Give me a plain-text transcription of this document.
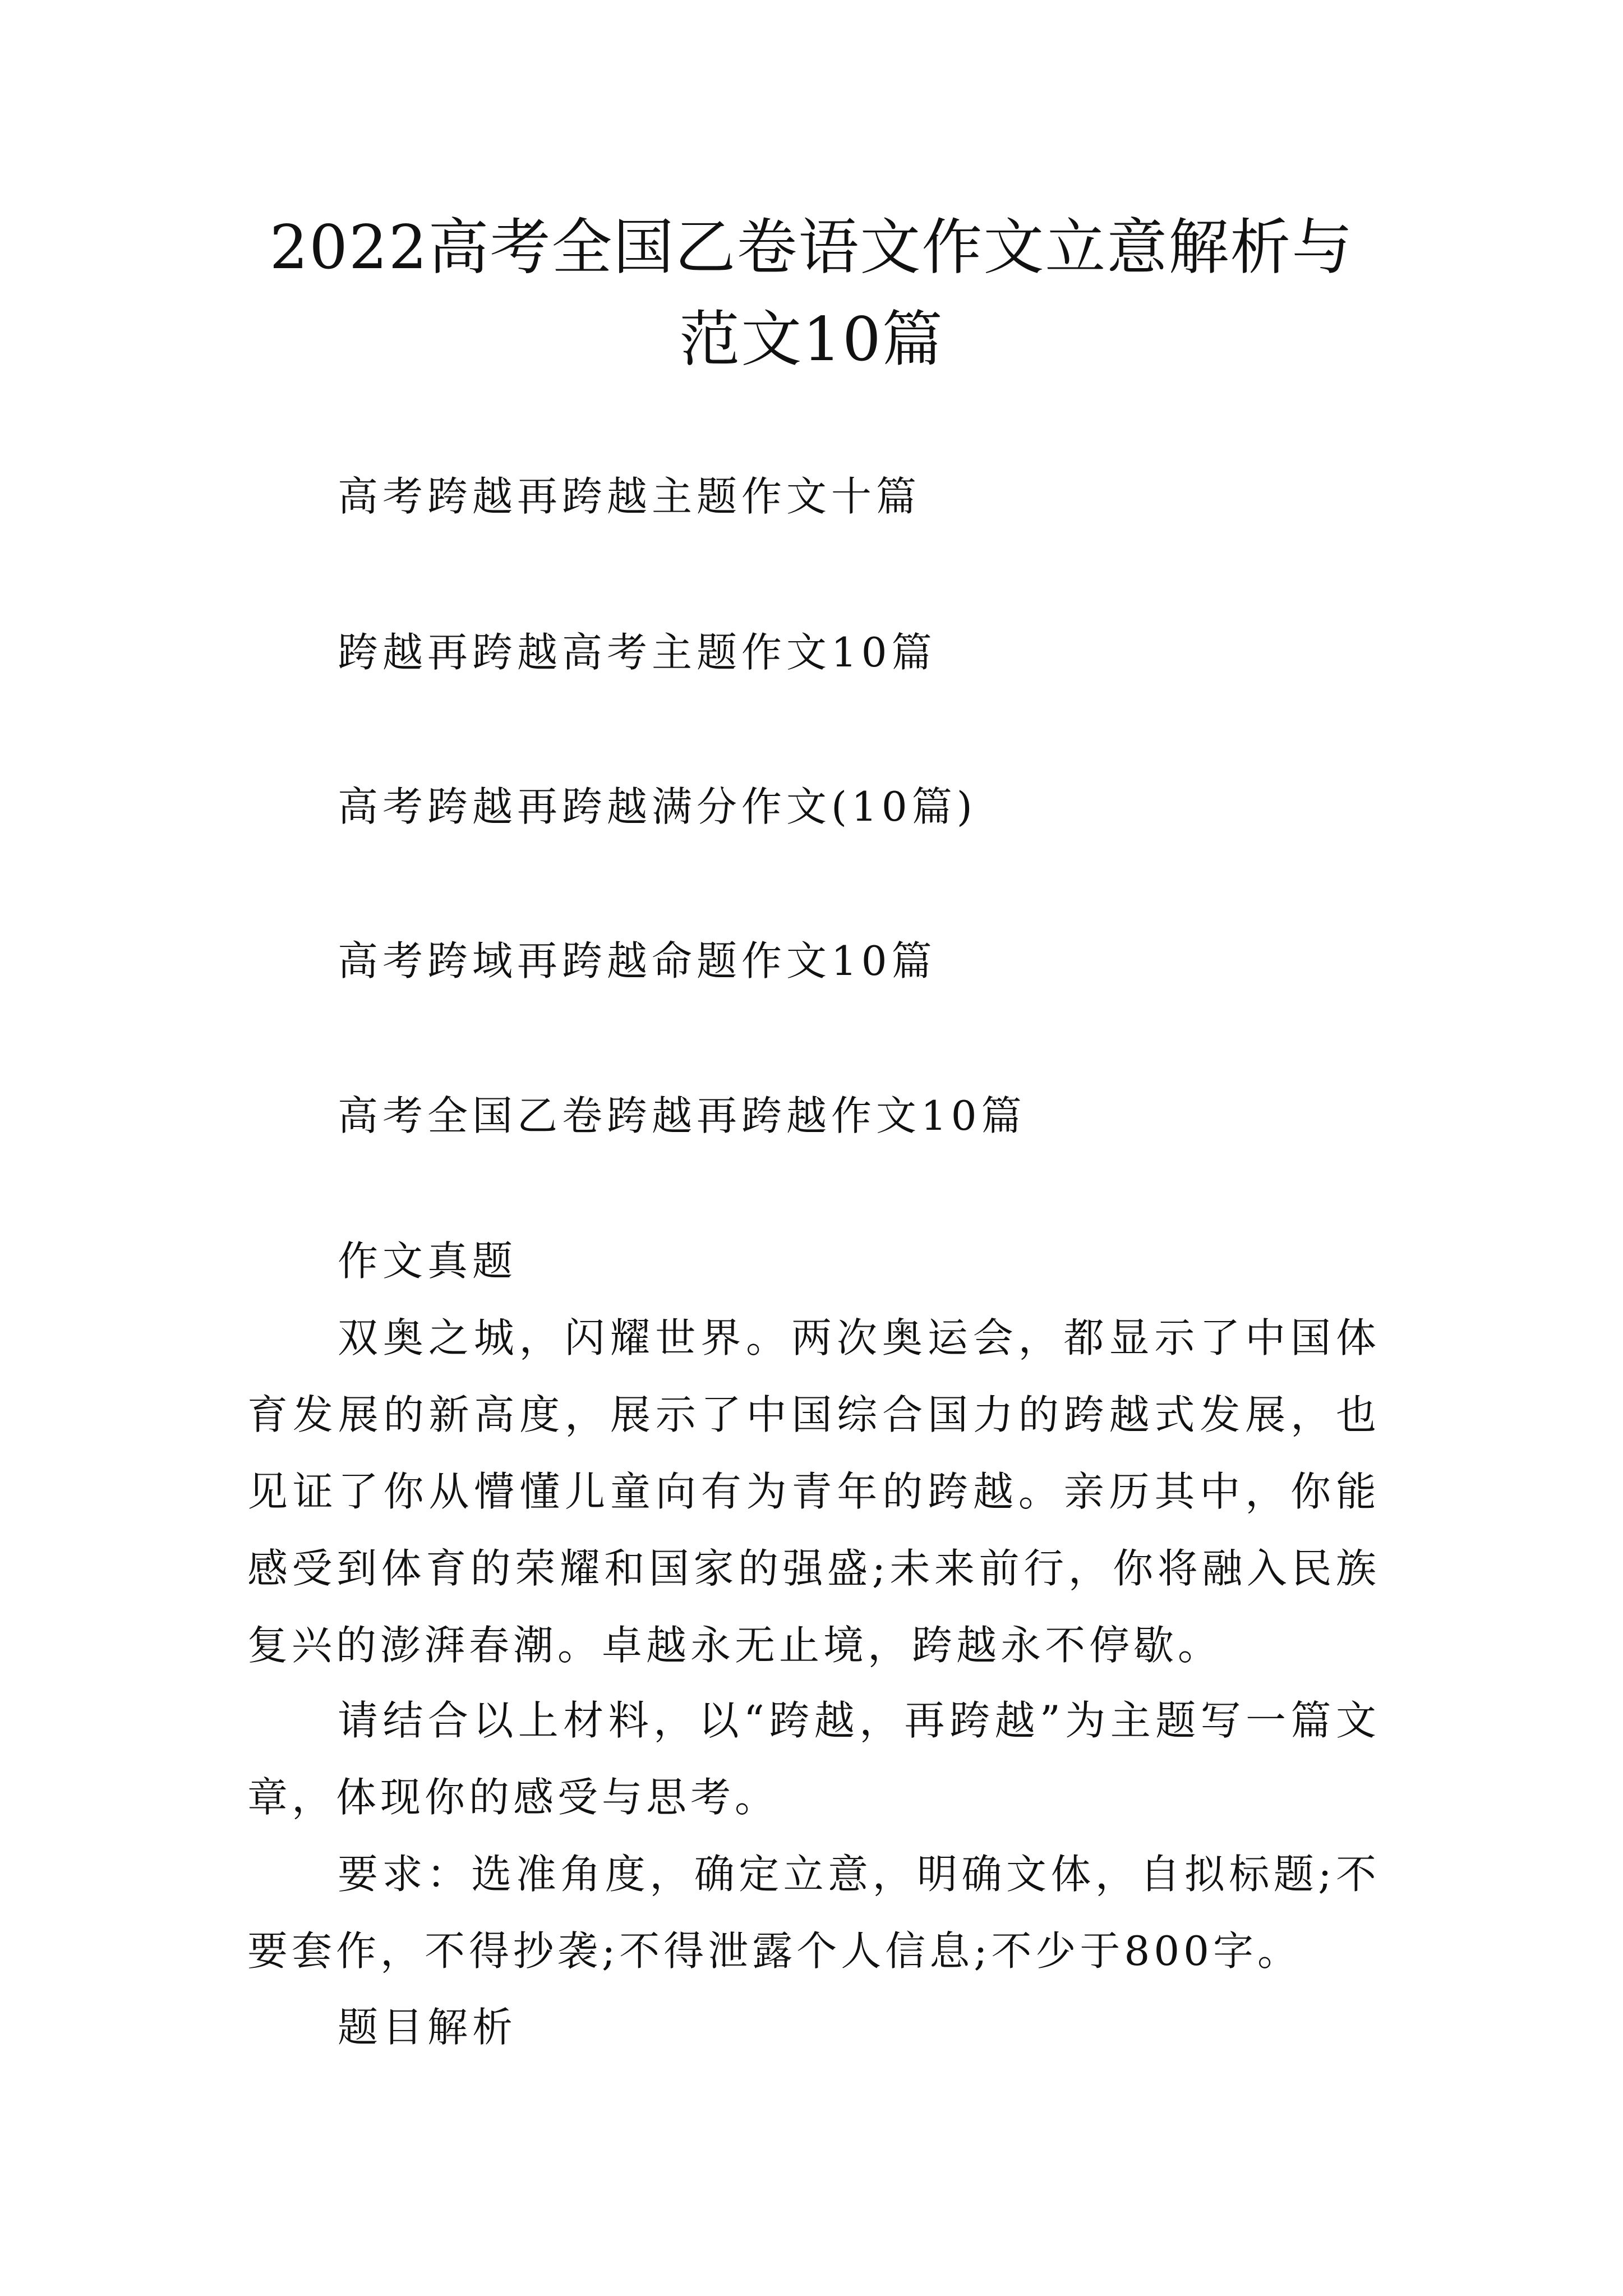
2022高考全国乙卷语文作文立意解析与范文10篇

高考跨越再跨越主题作文十篇

跨越再跨越高考主题作文10篇

高考跨越再跨越满分作文(10篇)

高考跨域再跨越命题作文10篇

高考全国乙卷跨越再跨越作文10篇

作文真题

双奥之城，闪耀世界。两次奥运会，都显示了中国体育发展的新高度，展示了中国综合国力的跨越式发展，也见证了你从懵懂儿童向有为青年的跨越。亲历其中，你能感受到体育的荣耀和国家的强盛;未来前行，你将融入民族复兴的澎湃春潮。卓越永无止境，跨越永不停歇。

请结合以上材料，以“跨越，再跨越”为主题写一篇文章，体现你的感受与思考。

要求：选准角度，确定立意，明确文体，自拟标题;不要套作，不得抄袭;不得泄露个人信息;不少于800字。

题目解析
